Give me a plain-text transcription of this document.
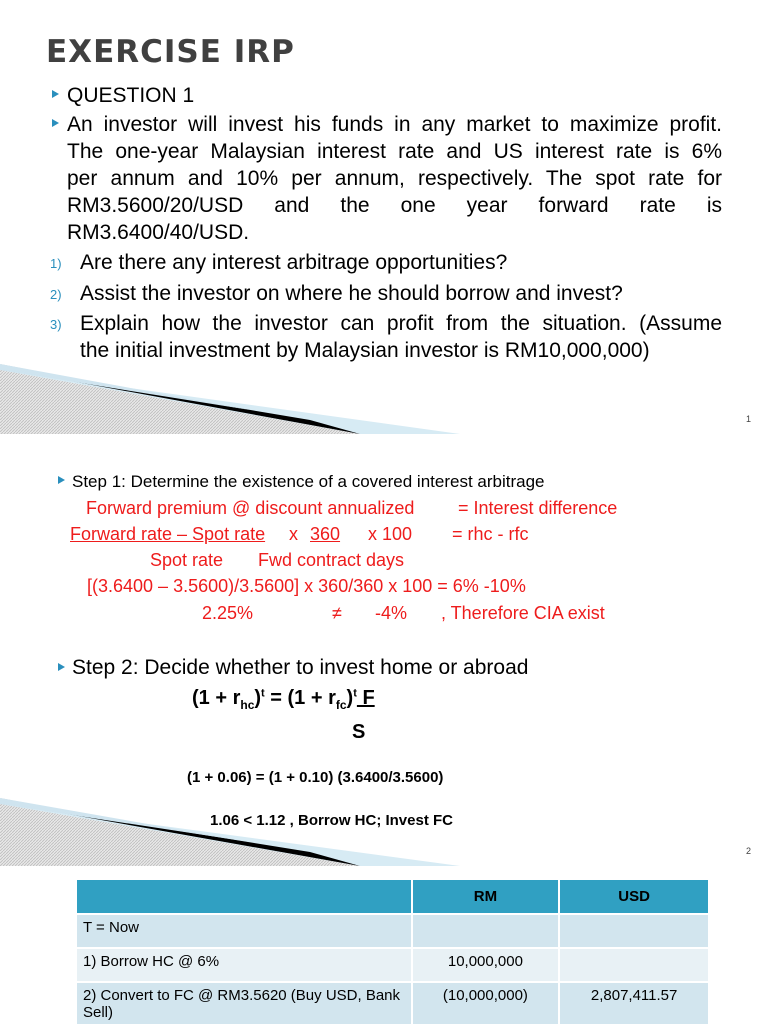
EXERCISE IRP
QUESTION 1
An investor will invest his funds in any market to maximize profit.
The one-year Malaysian interest rate and US interest rate is 6%
per annum and 10% per annum, respectively. The spot rate for
RM3.5600/20/USD and the one year forward rate is
RM3.6400/40/USD.
1) Are there any interest arbitrage opportunities?
2) Assist the investor on where he should borrow and invest?
3) Explain how the investor can profit from the situation. (Assume
the initial investment by Malaysian investor is RM10,000,000)
1
Step 1: Determine the existence of a covered interest arbitrage
Forward premium @ discount annualized = Interest difference
Forward rate – Spot rate x 360 x 100 = rhc - rfc
Spot rate Fwd contract days
[(3.6400 – 3.5600)/3.5600] x 360/360 x 100 = 6% -10%
2.25%	≠ -4% , Therefore CIA exist
Step 2: Decide whether to invest home or abroad
$(1 + r_{hc})^t = (1 + r_{fc})^t$ F
S
(1 + 0.06) = (1 + 0.10) (3.6400/3.5600)
1.06 < 1.12 , Borrow HC; Invest FC
2
	RM	USD
T = Now		
1) Borrow HC @ 6%	10,000,000	
2) Convert to FC @ RM3.5620 (Buy USD, Bank Sell)	(10,000,000)	2,807,411.57
